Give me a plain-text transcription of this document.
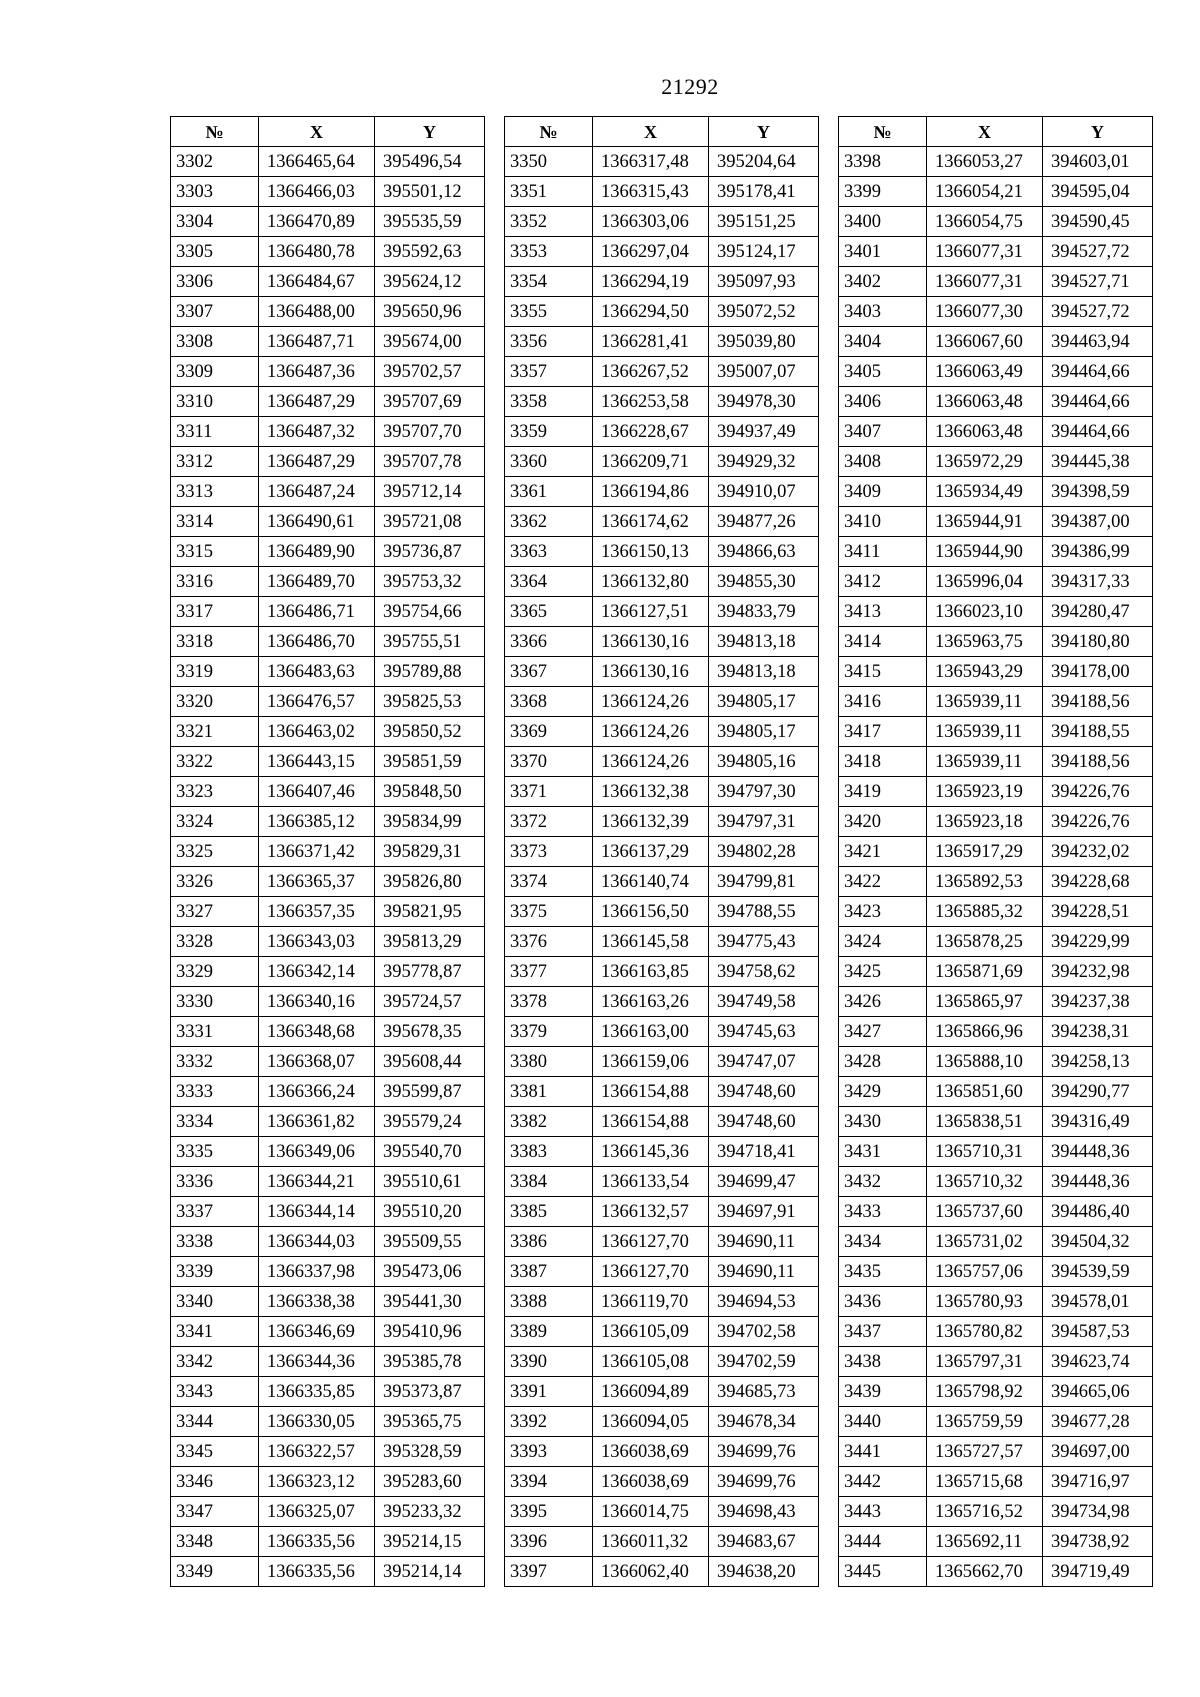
21292
№	X	Y
3302	1366465,64	395496,54
3303	1366466,03	395501,12
3304	1366470,89	395535,59
3305	1366480,78	395592,63
3306	1366484,67	395624,12
3307	1366488,00	395650,96
3308	1366487,71	395674,00
3309	1366487,36	395702,57
3310	1366487,29	395707,69
3311	1366487,32	395707,70
3312	1366487,29	395707,78
3313	1366487,24	395712,14
3314	1366490,61	395721,08
3315	1366489,90	395736,87
3316	1366489,70	395753,32
3317	1366486,71	395754,66
3318	1366486,70	395755,51
3319	1366483,63	395789,88
3320	1366476,57	395825,53
3321	1366463,02	395850,52
3322	1366443,15	395851,59
3323	1366407,46	395848,50
3324	1366385,12	395834,99
3325	1366371,42	395829,31
3326	1366365,37	395826,80
3327	1366357,35	395821,95
3328	1366343,03	395813,29
3329	1366342,14	395778,87
3330	1366340,16	395724,57
3331	1366348,68	395678,35
3332	1366368,07	395608,44
3333	1366366,24	395599,87
3334	1366361,82	395579,24
3335	1366349,06	395540,70
3336	1366344,21	395510,61
3337	1366344,14	395510,20
3338	1366344,03	395509,55
3339	1366337,98	395473,06
3340	1366338,38	395441,30
3341	1366346,69	395410,96
3342	1366344,36	395385,78
3343	1366335,85	395373,87
3344	1366330,05	395365,75
3345	1366322,57	395328,59
3346	1366323,12	395283,60
3347	1366325,07	395233,32
3348	1366335,56	395214,15
3349	1366335,56	395214,14
№	X	Y
3350	1366317,48	395204,64
3351	1366315,43	395178,41
3352	1366303,06	395151,25
3353	1366297,04	395124,17
3354	1366294,19	395097,93
3355	1366294,50	395072,52
3356	1366281,41	395039,80
3357	1366267,52	395007,07
3358	1366253,58	394978,30
3359	1366228,67	394937,49
3360	1366209,71	394929,32
3361	1366194,86	394910,07
3362	1366174,62	394877,26
3363	1366150,13	394866,63
3364	1366132,80	394855,30
3365	1366127,51	394833,79
3366	1366130,16	394813,18
3367	1366130,16	394813,18
3368	1366124,26	394805,17
3369	1366124,26	394805,17
3370	1366124,26	394805,16
3371	1366132,38	394797,30
3372	1366132,39	394797,31
3373	1366137,29	394802,28
3374	1366140,74	394799,81
3375	1366156,50	394788,55
3376	1366145,58	394775,43
3377	1366163,85	394758,62
3378	1366163,26	394749,58
3379	1366163,00	394745,63
3380	1366159,06	394747,07
3381	1366154,88	394748,60
3382	1366154,88	394748,60
3383	1366145,36	394718,41
3384	1366133,54	394699,47
3385	1366132,57	394697,91
3386	1366127,70	394690,11
3387	1366127,70	394690,11
3388	1366119,70	394694,53
3389	1366105,09	394702,58
3390	1366105,08	394702,59
3391	1366094,89	394685,73
3392	1366094,05	394678,34
3393	1366038,69	394699,76
3394	1366038,69	394699,76
3395	1366014,75	394698,43
3396	1366011,32	394683,67
3397	1366062,40	394638,20
№	X	Y
3398	1366053,27	394603,01
3399	1366054,21	394595,04
3400	1366054,75	394590,45
3401	1366077,31	394527,72
3402	1366077,31	394527,71
3403	1366077,30	394527,72
3404	1366067,60	394463,94
3405	1366063,49	394464,66
3406	1366063,48	394464,66
3407	1366063,48	394464,66
3408	1365972,29	394445,38
3409	1365934,49	394398,59
3410	1365944,91	394387,00
3411	1365944,90	394386,99
3412	1365996,04	394317,33
3413	1366023,10	394280,47
3414	1365963,75	394180,80
3415	1365943,29	394178,00
3416	1365939,11	394188,56
3417	1365939,11	394188,55
3418	1365939,11	394188,56
3419	1365923,19	394226,76
3420	1365923,18	394226,76
3421	1365917,29	394232,02
3422	1365892,53	394228,68
3423	1365885,32	394228,51
3424	1365878,25	394229,99
3425	1365871,69	394232,98
3426	1365865,97	394237,38
3427	1365866,96	394238,31
3428	1365888,10	394258,13
3429	1365851,60	394290,77
3430	1365838,51	394316,49
3431	1365710,31	394448,36
3432	1365710,32	394448,36
3433	1365737,60	394486,40
3434	1365731,02	394504,32
3435	1365757,06	394539,59
3436	1365780,93	394578,01
3437	1365780,82	394587,53
3438	1365797,31	394623,74
3439	1365798,92	394665,06
3440	1365759,59	394677,28
3441	1365727,57	394697,00
3442	1365715,68	394716,97
3443	1365716,52	394734,98
3444	1365692,11	394738,92
3445	1365662,70	394719,49
